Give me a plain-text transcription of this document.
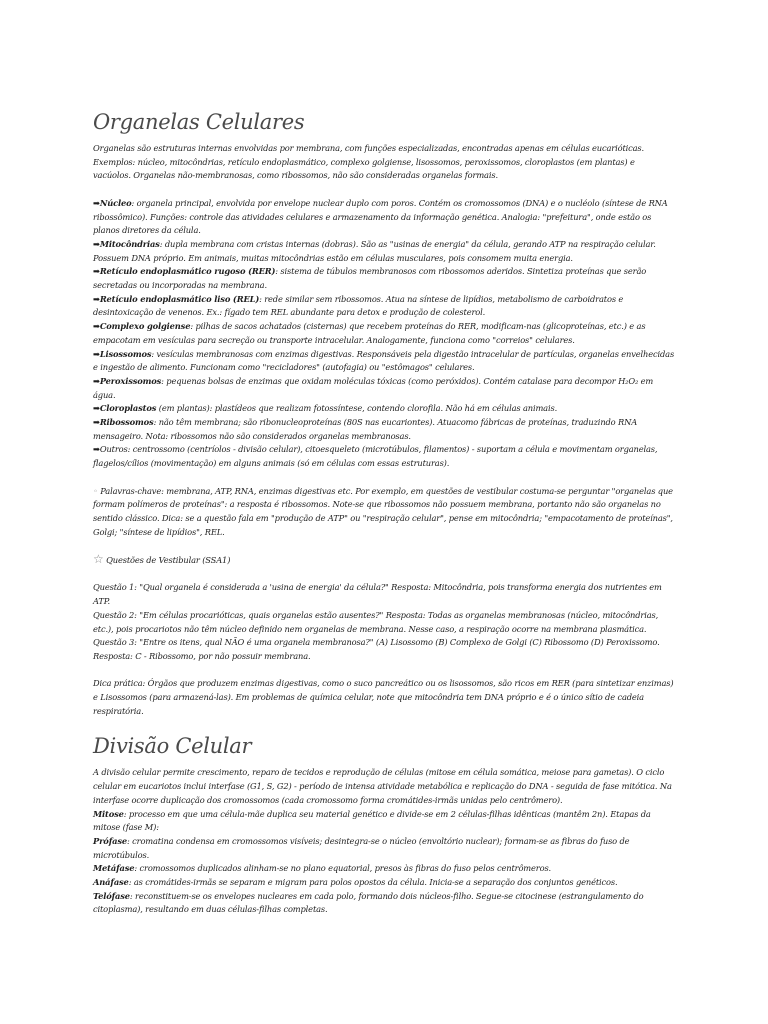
Organelas Celulares

Organelas são estruturas internas envolvidas por membrana, com funções especializadas, encontradas apenas em células eucarióticas. Exemplos: núcleo, mitocôndrias, retículo endoplasmático, complexo golgiense, lisossomos, peroxissomos, cloroplastos (em plantas) e vacúolos. Organelas não-membranosas, como ribossomos, não são consideradas organelas formais.

➡Núcleo: organela principal, envolvida por envelope nuclear duplo com poros. Contém os cromossomos (DNA) e o nucléolo (síntese de RNA ribossômico). Funções: controle das atividades celulares e armazenamento da informação genética. Analogia: "prefeitura", onde estão os planos diretores da célula.

➡Mitocôndrias: dupla membrana com cristas internas (dobras). São as "usinas de energia" da célula, gerando ATP na respiração celular. Possuem DNA próprio. Em animais, muitas mitocôndrias estão em células musculares, pois consomem muita energia.

➡Retículo endoplasmático rugoso (RER): sistema de túbulos membranosos com ribossomos aderidos. Sintetiza proteínas que serão secretadas ou incorporadas na membrana.

➡Retículo endoplasmático liso (REL): rede similar sem ribossomos. Atua na síntese de lipídios, metabolismo de carboidratos e desintoxicação de venenos. Ex.: fígado tem REL abundante para detox e produção de colesterol.

➡Complexo golgiense: pilhas de sacos achatados (cisternas) que recebem proteínas do RER, modificam-nas (glicoproteínas, etc.) e as empacotam em vesículas para secreção ou transporte intracelular. Analogamente, funciona como "correios" celulares.

➡Lisossomos: vesículas membranosas com enzimas digestivas. Responsáveis pela digestão intracelular de partículas, organelas envelhecidas e ingestão de alimento. Funcionam como "recicladores" (autofagia) ou "estômagos" celulares.

➡Peroxissomos: pequenas bolsas de enzimas que oxidam moléculas tóxicas (como peróxidos). Contém catalase para decompor H₂O₂ em água.

➡Cloroplastos (em plantas): plastídeos que realizam fotossíntese, contendo clorofila. Não há em células animais.

➡Ribossomos: não têm membrana; são ribonucleoproteínas (80S nas eucariontes). Atuacomo fábricas de proteínas, traduzindo RNA mensageiro. Nota: ribossomos não são considerados organelas membranosas.

➡Outros: centrossomo (centríolos - divisão celular), citoesqueleto (microtúbulos, filamentos) - suportam a célula e movimentam organelas, flagelos/cílios (movimentação) em alguns animais (só em células com essas estruturas).

◦ Palavras-chave: membrana, ATP, RNA, enzimas digestivas etc. Por exemplo, em questões de vestibular costuma-se perguntar "organelas que formam polímeros de proteínas": a resposta é ribossomos. Note-se que ribossomos não possuem membrana, portanto não são organelas no sentido clássico. Dica: se a questão fala em "produção de ATP" ou "respiração celular", pense em mitocôndria; "empacotamento de proteínas", Golgi; "síntese de lipídios", REL.

☆ Questões de Vestibular (SSA1)

Questão 1: "Qual organela é considerada a 'usina de energia' da célula?" Resposta: Mitocôndria, pois transforma energia dos nutrientes em ATP.

Questão 2: "Em células procarióticas, quais organelas estão ausentes?" Resposta: Todas as organelas membranosas (núcleo, mitocôndrias, etc.), pois procariotos não têm núcleo definido nem organelas de membrana. Nesse caso, a respiração ocorre na membrana plasmática.

Questão 3: "Entre os itens, qual NÃO é uma organela membranosa?" (A) Lisossomo (B) Complexo de Golgi (C) Ribossomo (D) Peroxissomo. Resposta: C - Ribossomo, por não possuir membrana.

Dica prática: Órgãos que produzem enzimas digestivas, como o suco pancreático ou os lisossomos, são ricos em RER (para sintetizar enzimas) e Lisossomos (para armazená-las). Em problemas de química celular, note que mitocôndria tem DNA próprio e é o único sítio de cadeia respiratória.

Divisão Celular

A divisão celular permite crescimento, reparo de tecidos e reprodução de células (mitose em célula somática, meiose para gametas). O ciclo celular em eucariotos inclui interfase (G1, S, G2) - período de intensa atividade metabólica e replicação do DNA - seguida de fase mitótica. Na interfase ocorre duplicação dos cromossomos (cada cromossomo forma cromátides-irmãs unidas pelo centrômero).

Mitose: processo em que uma célula-mãe duplica seu material genético e divide-se em 2 células-filhas idênticas (mantêm 2n). Etapas da mitose (fase M):

Prófase: cromatina condensa em cromossomos visíveis; desintegra-se o núcleo (envoltório nuclear); formam-se as fibras do fuso de microtúbulos.

Metáfase: cromossomos duplicados alinham-se no plano equatorial, presos às fibras do fuso pelos centrômeros.

Anáfase: as cromátides-irmãs se separam e migram para polos opostos da célula. Inicia-se a separação dos conjuntos genéticos.

Telófase: reconstituem-se os envelopes nucleares em cada polo, formando dois núcleos-filho. Segue-se citocinese (estrangulamento do citoplasma), resultando em duas células-filhas completas.
